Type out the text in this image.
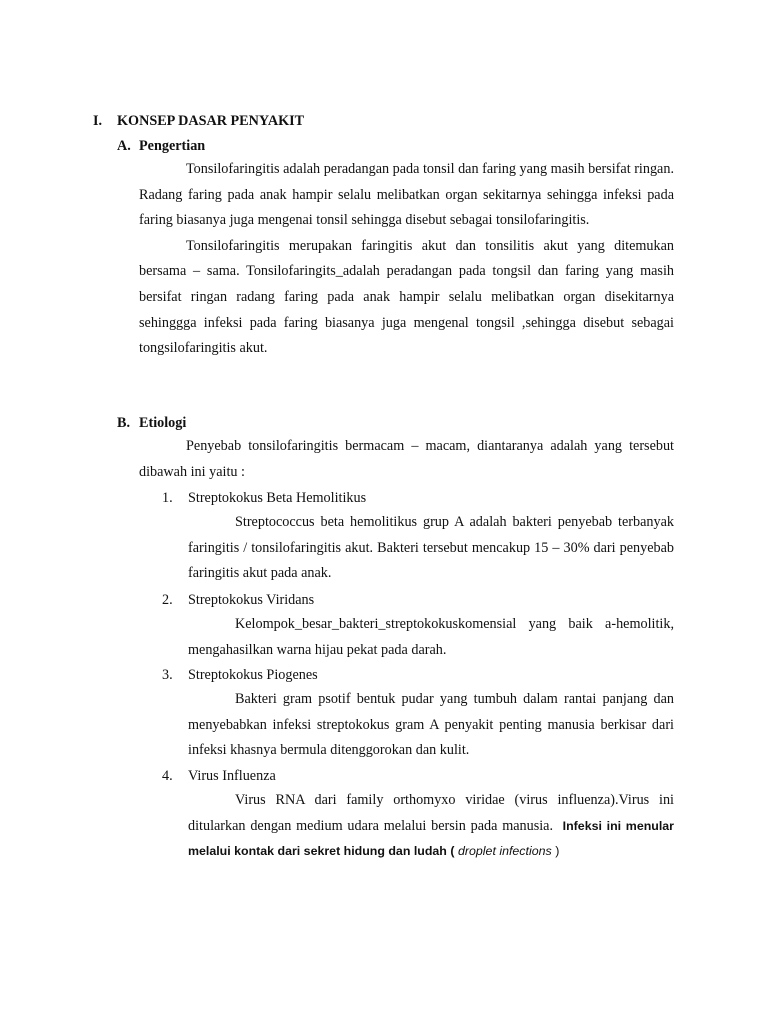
I. KONSEP DASAR PENYAKIT
A. Pengertian

Tonsilofaringitis adalah peradangan pada tonsil dan faring yang masih bersifat ringan. Radang faring pada anak hampir selalu melibatkan organ sekitarnya sehingga infeksi pada faring biasanya juga mengenai tonsil sehingga disebut sebagai tonsilofaringitis.

Tonsilofaringitis merupakan faringitis akut dan tonsilitis akut yang ditemukan bersama – sama. Tonsilofaringits_adalah peradangan pada tongsil dan faring yang masih bersifat ringan radang faring pada anak hampir selalu melibatkan organ disekitarnya sehinggga infeksi pada faring biasanya juga mengenal tongsil ,sehingga disebut sebagai tongsilofaringitis akut.

B. Etiologi

Penyebab tonsilofaringitis bermacam – macam, diantaranya adalah yang tersebut dibawah ini yaitu :

1. Streptokokus Beta Hemolitikus

Streptococcus beta hemolitikus grup A adalah bakteri penyebab terbanyak faringitis / tonsilofaringitis akut. Bakteri tersebut mencakup 15 – 30% dari penyebab faringitis akut pada anak.

2. Streptokokus Viridans

Kelompok_besar_bakteri_streptokokuskomensial yang baik a-hemolitik, mengahasilkan warna hijau pekat pada darah.

3. Streptokokus Piogenes

Bakteri gram psotif bentuk pudar yang tumbuh dalam rantai panjang dan menyebabkan infeksi streptokokus gram A penyakit penting manusia berkisar dari infeksi khasnya bermula ditenggorokan dan kulit.

4. Virus Influenza

Virus RNA dari family orthomyxo viridae (virus influenza).Virus ini ditularkan dengan medium udara melalui bersin pada manusia. Infeksi ini menular melalui kontak dari sekret hidung dan ludah ( droplet infections )
